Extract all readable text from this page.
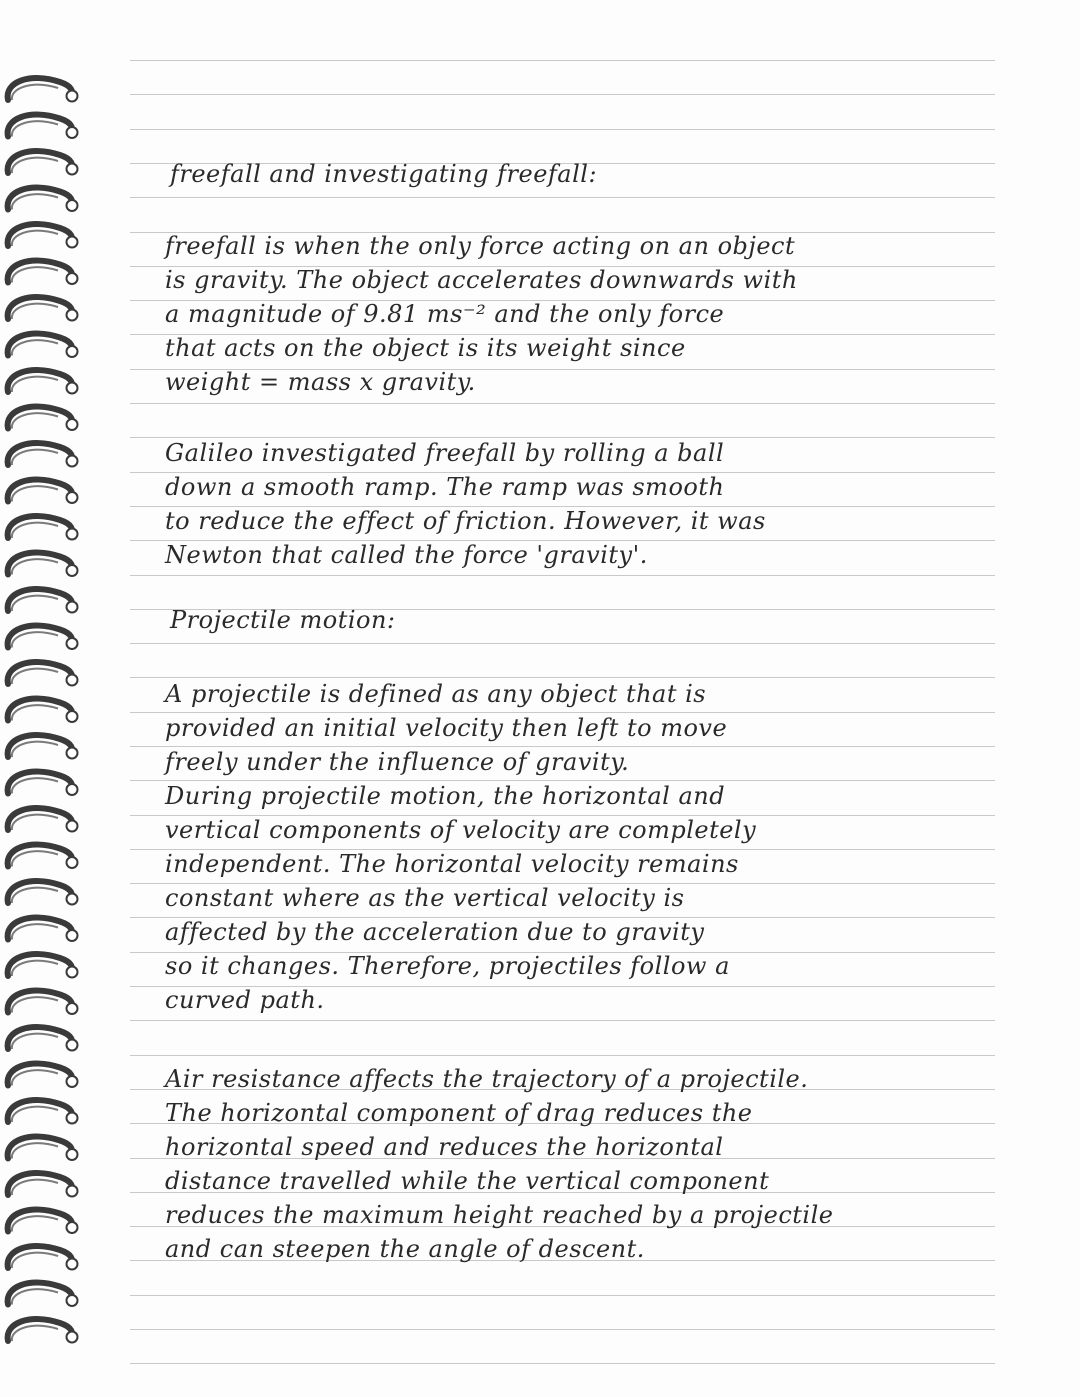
freefall and investigating freefall:
freefall is when the only force acting on an object
is gravity. The object accelerates downwards with
a magnitude of 9.81 ms⁻² and the only force
that acts on the object is its weight since
weight = mass x gravity.
Galileo investigated freefall by rolling a ball
down a smooth ramp. The ramp was smooth
to reduce the effect of friction. However, it was
Newton that called the force 'gravity'.
Projectile motion:
A projectile is defined as any object that is
provided an initial velocity then left to move
freely under the influence of gravity.
During projectile motion, the horizontal and
vertical components of velocity are completely
independent. The horizontal velocity remains
constant where as the vertical velocity is
affected by the acceleration due to gravity
so it changes. Therefore, projectiles follow a
curved path.
Air resistance affects the trajectory of a projectile.
The horizontal component of drag reduces the
horizontal speed and reduces the horizontal
distance travelled while the vertical component
reduces the maximum height reached by a projectile
and can steepen the angle of descent.
